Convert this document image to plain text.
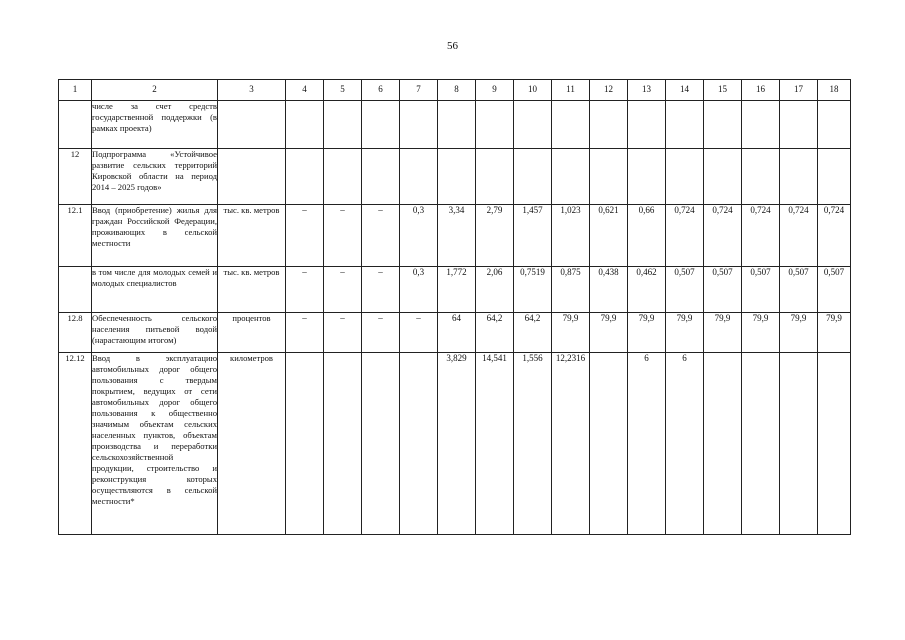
56
1	2	3	4	5	6	7	8	9	10	11	12	13	14	15	16	17	18
	числе за счет средств государственной поддержки (в рамках проекта)																
12	Подпрограмма «Устойчивое развитие сельских территорий Кировской области на период 2014 – 2025 годов»																
12.1	Ввод (приобретение) жилья для граждан Российской Федерации, проживающих в сельской местности	тыс. кв. метров	–	–	–	0,3	3,34	2,79	1,457	1,023	0,621	0,66	0,724	0,724	0,724	0,724	0,724
	в том числе для молодых семей и молодых специалистов	тыс. кв. метров	–	–	–	0,3	1,772	2,06	0,7519	0,875	0,438	0,462	0,507	0,507	0,507	0,507	0,507
12.8	Обеспеченность сельского населения питьевой водой (нарастающим итогом)	процентов	–	–	–	–	64	64,2	64,2	79,9	79,9	79,9	79,9	79,9	79,9	79,9	79,9
12.12	Ввод в эксплуатацию автомобильных дорог общего пользования с твердым покрытием, ведущих от сети автомобильных дорог общего пользования к общественно значимым объектам сельских населенных пунктов, объектам производства и переработки сельскохозяйственной продукции, строительство и реконструкция которых осуществляются в сельской местности*	километров					3,829	14,541	1,556	12,2316		6	6				
